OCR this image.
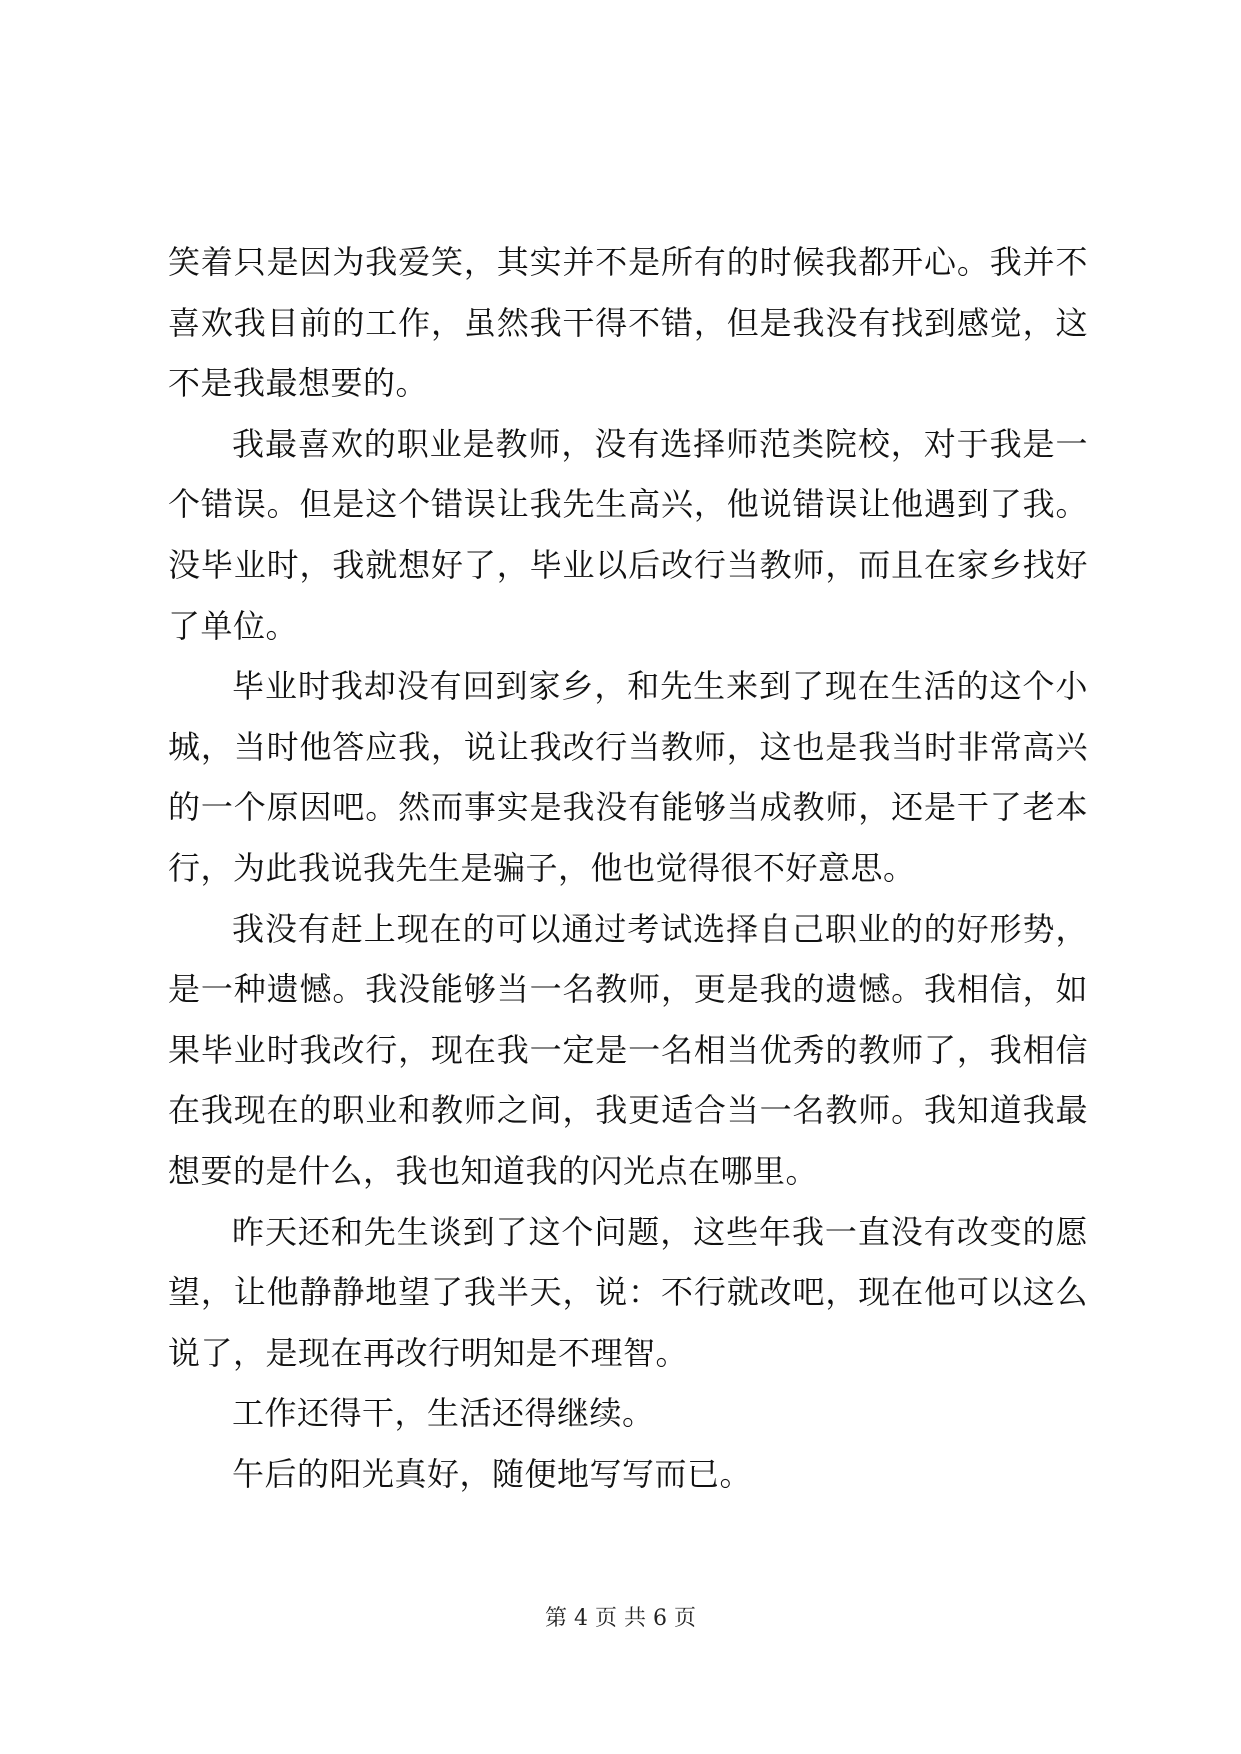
笑着只是因为我爱笑，其实并不是所有的时候我都开心。我并不喜欢我目前的工作，虽然我干得不错，但是我没有找到感觉，这不是我最想要的。

我最喜欢的职业是教师，没有选择师范类院校，对于我是一个错误。但是这个错误让我先生高兴，他说错误让他遇到了我。没毕业时，我就想好了，毕业以后改行当教师，而且在家乡找好了单位。

毕业时我却没有回到家乡，和先生来到了现在生活的这个小城，当时他答应我，说让我改行当教师，这也是我当时非常高兴的一个原因吧。然而事实是我没有能够当成教师，还是干了老本行，为此我说我先生是骗子，他也觉得很不好意思。

我没有赶上现在的可以通过考试选择自己职业的的好形势，是一种遗憾。我没能够当一名教师，更是我的遗憾。我相信，如果毕业时我改行，现在我一定是一名相当优秀的教师了，我相信在我现在的职业和教师之间，我更适合当一名教师。我知道我最想要的是什么，我也知道我的闪光点在哪里。

昨天还和先生谈到了这个问题，这些年我一直没有改变的愿望，让他静静地望了我半天，说：不行就改吧，现在他可以这么说了，是现在再改行明知是不理智。

工作还得干，生活还得继续。

午后的阳光真好，随便地写写而已。

第 4 页 共 6 页
